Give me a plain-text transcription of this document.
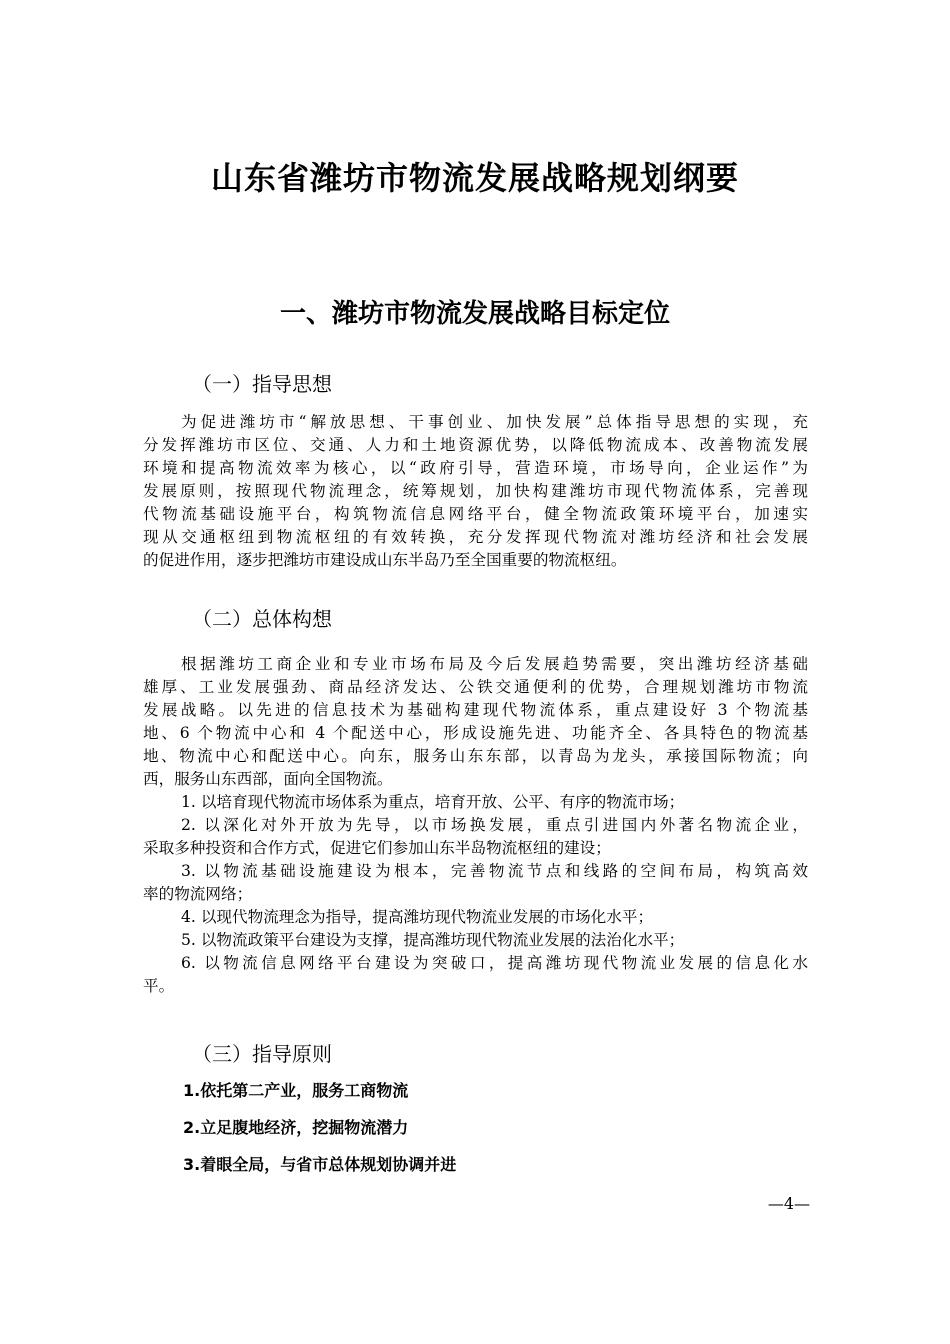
山东省潍坊市物流发展战略规划纲要
一、潍坊市物流发展战略目标定位
（一）指导思想
为促进潍坊市“解放思想、干事创业、加快发展”总体指导思想的实现，充
分发挥潍坊市区位、交通、人力和土地资源优势，以降低物流成本、改善物流发展
环境和提高物流效率为核心，以“政府引导，营造环境，市场导向，企业运作”为
发展原则，按照现代物流理念，统筹规划，加快构建潍坊市现代物流体系，完善现
代物流基础设施平台，构筑物流信息网络平台，健全物流政策环境平台，加速实
现从交通枢纽到物流枢纽的有效转换，充分发挥现代物流对潍坊经济和社会发展
的促进作用，逐步把潍坊市建设成山东半岛乃至全国重要的物流枢纽。
（二）总体构想
根据潍坊工商企业和专业市场布局及今后发展趋势需要，突出潍坊经济基础
雄厚、工业发展强劲、商品经济发达、公铁交通便利的优势，合理规划潍坊市物流
发展战略。以先进的信息技术为基础构建现代物流体系，重点建设好 3 个物流基
地、6 个物流中心和 4 个配送中心，形成设施先进、功能齐全、各具特色的物流基
地、物流中心和配送中心。向东，服务山东东部，以青岛为龙头，承接国际物流；向
西，服务山东西部，面向全国物流。
1. 以培育现代物流市场体系为重点，培育开放、公平、有序的物流市场；
2. 以深化对外开放为先导，以市场换发展，重点引进国内外著名物流企业，
采取多种投资和合作方式，促进它们参加山东半岛物流枢纽的建设；
3. 以物流基础设施建设为根本，完善物流节点和线路的空间布局，构筑高效
率的物流网络；
4. 以现代物流理念为指导，提高潍坊现代物流业发展的市场化水平；
5. 以物流政策平台建设为支撑，提高潍坊现代物流业发展的法治化水平；
6. 以物流信息网络平台建设为突破口，提高潍坊现代物流业发展的信息化水
平。
（三）指导原则
1.依托第二产业，服务工商物流
2.立足腹地经济，挖掘物流潜力
3.着眼全局，与省市总体规划协调并进
—4—
